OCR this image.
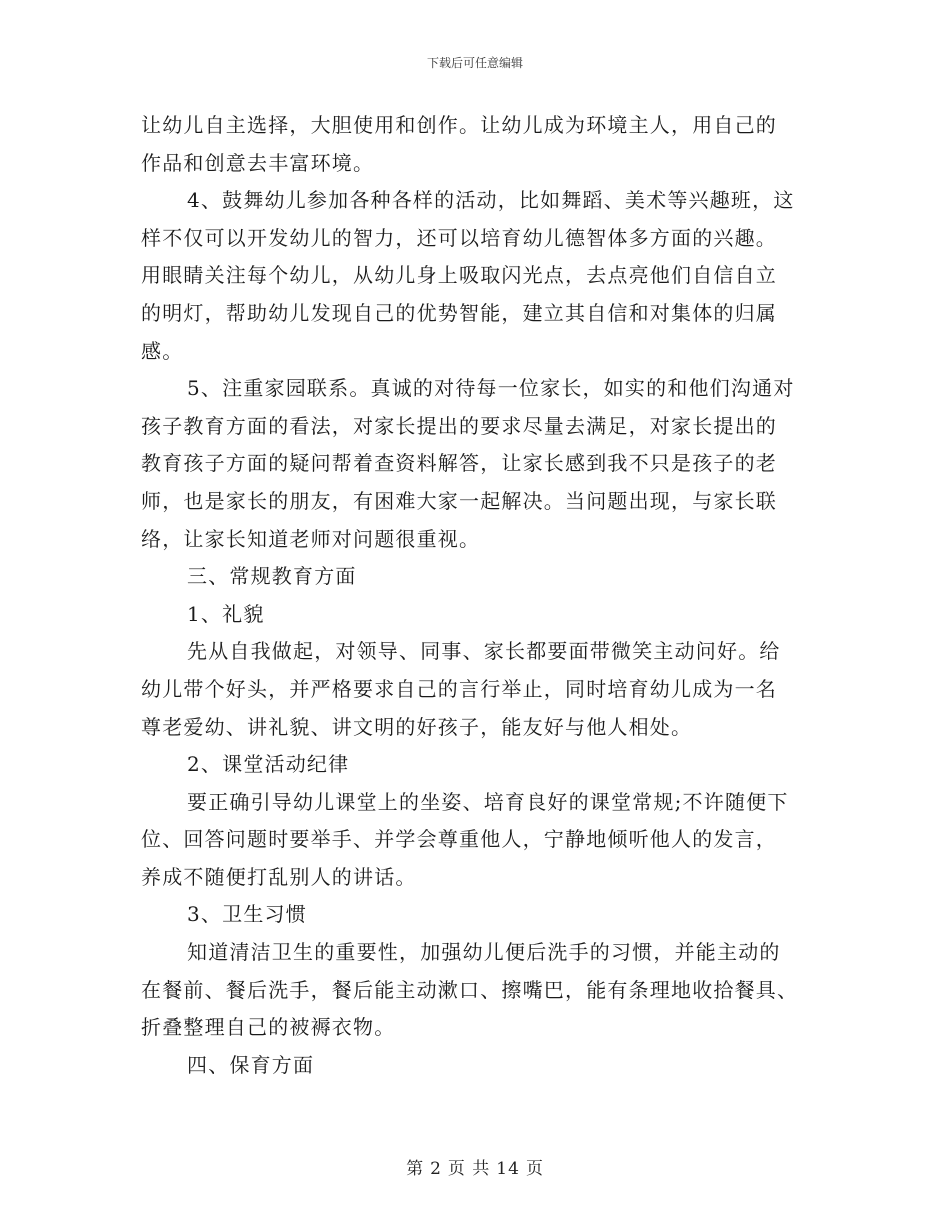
下载后可任意编辑
让幼儿自主选择，大胆使用和创作。让幼儿成为环境主人，用自己的
作品和创意去丰富环境。
4、鼓舞幼儿参加各种各样的活动，比如舞蹈、美术等兴趣班，这
样不仅可以开发幼儿的智力，还可以培育幼儿德智体多方面的兴趣。
用眼睛关注每个幼儿，从幼儿身上吸取闪光点，去点亮他们自信自立
的明灯，帮助幼儿发现自己的优势智能，建立其自信和对集体的归属
感。
5、注重家园联系。真诚的对待每一位家长，如实的和他们沟通对
孩子教育方面的看法，对家长提出的要求尽量去满足，对家长提出的
教育孩子方面的疑问帮着查资料解答，让家长感到我不只是孩子的老
师，也是家长的朋友，有困难大家一起解决。当问题出现，与家长联
络，让家长知道老师对问题很重视。
三、常规教育方面
1、礼貌
先从自我做起，对领导、同事、家长都要面带微笑主动问好。给
幼儿带个好头，并严格要求自己的言行举止，同时培育幼儿成为一名
尊老爱幼、讲礼貌、讲文明的好孩子，能友好与他人相处。
2、课堂活动纪律
要正确引导幼儿课堂上的坐姿、培育良好的课堂常规;不许随便下
位、回答问题时要举手、并学会尊重他人，宁静地倾听他人的发言，
养成不随便打乱别人的讲话。
3、卫生习惯
知道清洁卫生的重要性，加强幼儿便后洗手的习惯，并能主动的
在餐前、餐后洗手，餐后能主动漱口、擦嘴巴，能有条理地收拾餐具、
折叠整理自己的被褥衣物。
四、保育方面
第 2 页 共 14 页
